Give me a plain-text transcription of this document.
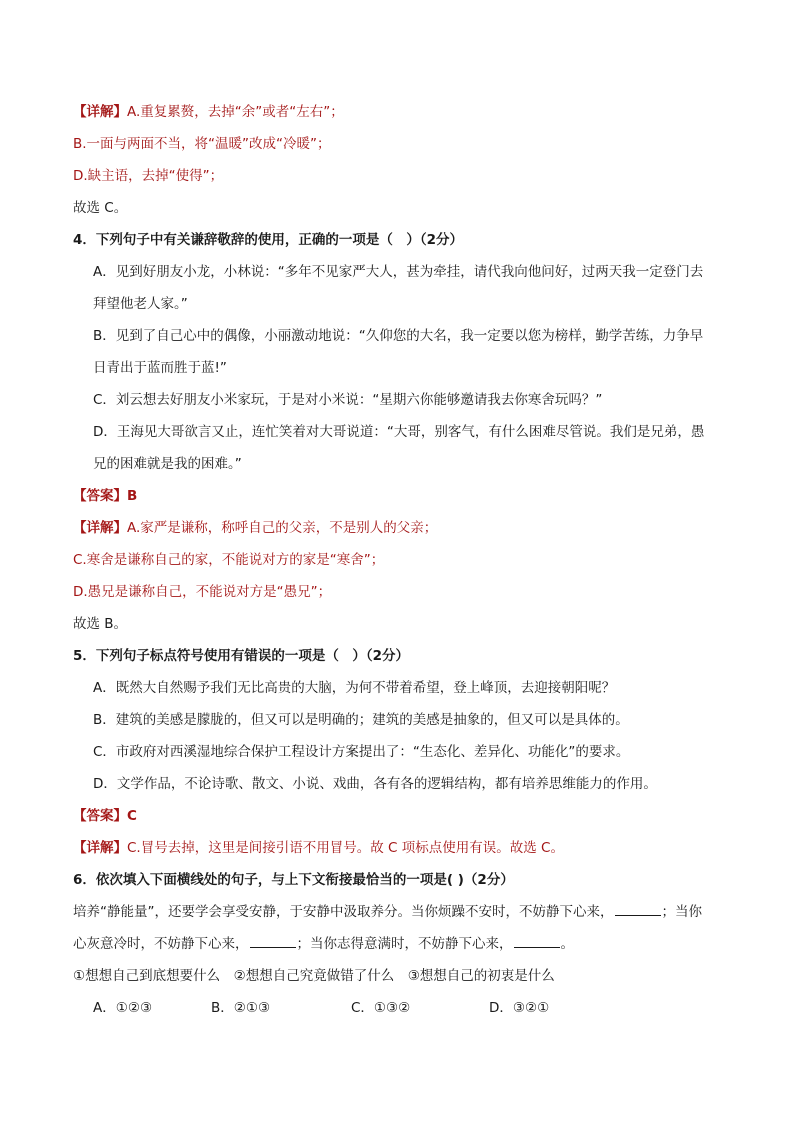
【详解】A.重复累赘，去掉“余”或者“左右”；
B.一面与两面不当，将“温暖”改成“冷暖”；
D.缺主语，去掉“使得”；
故选 C。
4．下列句子中有关谦辞敬辞的使用，正确的一项是（　）（2分）
A．见到好朋友小龙，小林说：“多年不见家严大人，甚为牵挂，请代我向他问好，过两天我一定登门去
拜望他老人家。”
B．见到了自己心中的偶像，小丽激动地说：“久仰您的大名，我一定要以您为榜样，勤学苦练，力争早
日青出于蓝而胜于蓝!”
C．刘云想去好朋友小米家玩，于是对小米说：“星期六你能够邀请我去你寒舍玩吗？”
D．王海见大哥欲言又止，连忙笑着对大哥说道：“大哥，别客气，有什么困难尽管说。我们是兄弟，愚
兄的困难就是我的困难。”
【答案】B
【详解】A.家严是谦称，称呼自己的父亲，不是别人的父亲；
C.寒舍是谦称自己的家，不能说对方的家是“寒舍”；
D.愚兄是谦称自己，不能说对方是“愚兄”；
故选 B。
5．下列句子标点符号使用有错误的一项是（　）（2分）
A．既然大自然赐予我们无比高贵的大脑，为何不带着希望，登上峰顶，去迎接朝阳呢？
B．建筑的美感是朦胧的，但又可以是明确的；建筑的美感是抽象的，但又可以是具体的。
C．市政府对西溪湿地综合保护工程设计方案提出了：“生态化、差异化、功能化”的要求。
D．文学作品，不论诗歌、散文、小说、戏曲，各有各的逻辑结构，都有培养思维能力的作用。
【答案】C
【详解】C.冒号去掉，这里是间接引语不用冒号。故 C 项标点使用有误。故选 C。
6．依次填入下面横线处的句子，与上下文衔接最恰当的一项是( )（2分）
培养“静能量”，还要学会享受安静，于安静中汲取养分。当你烦躁不安时，不妨静下心来，	；当你
心灰意冷时，不妨静下心来，	；当你志得意满时，不妨静下心来，	。
①想想自己到底想要什么　②想想自己究竟做错了什么　③想想自己的初衷是什么
A．①②③	B．②①③	C．①③②	D．③②①
